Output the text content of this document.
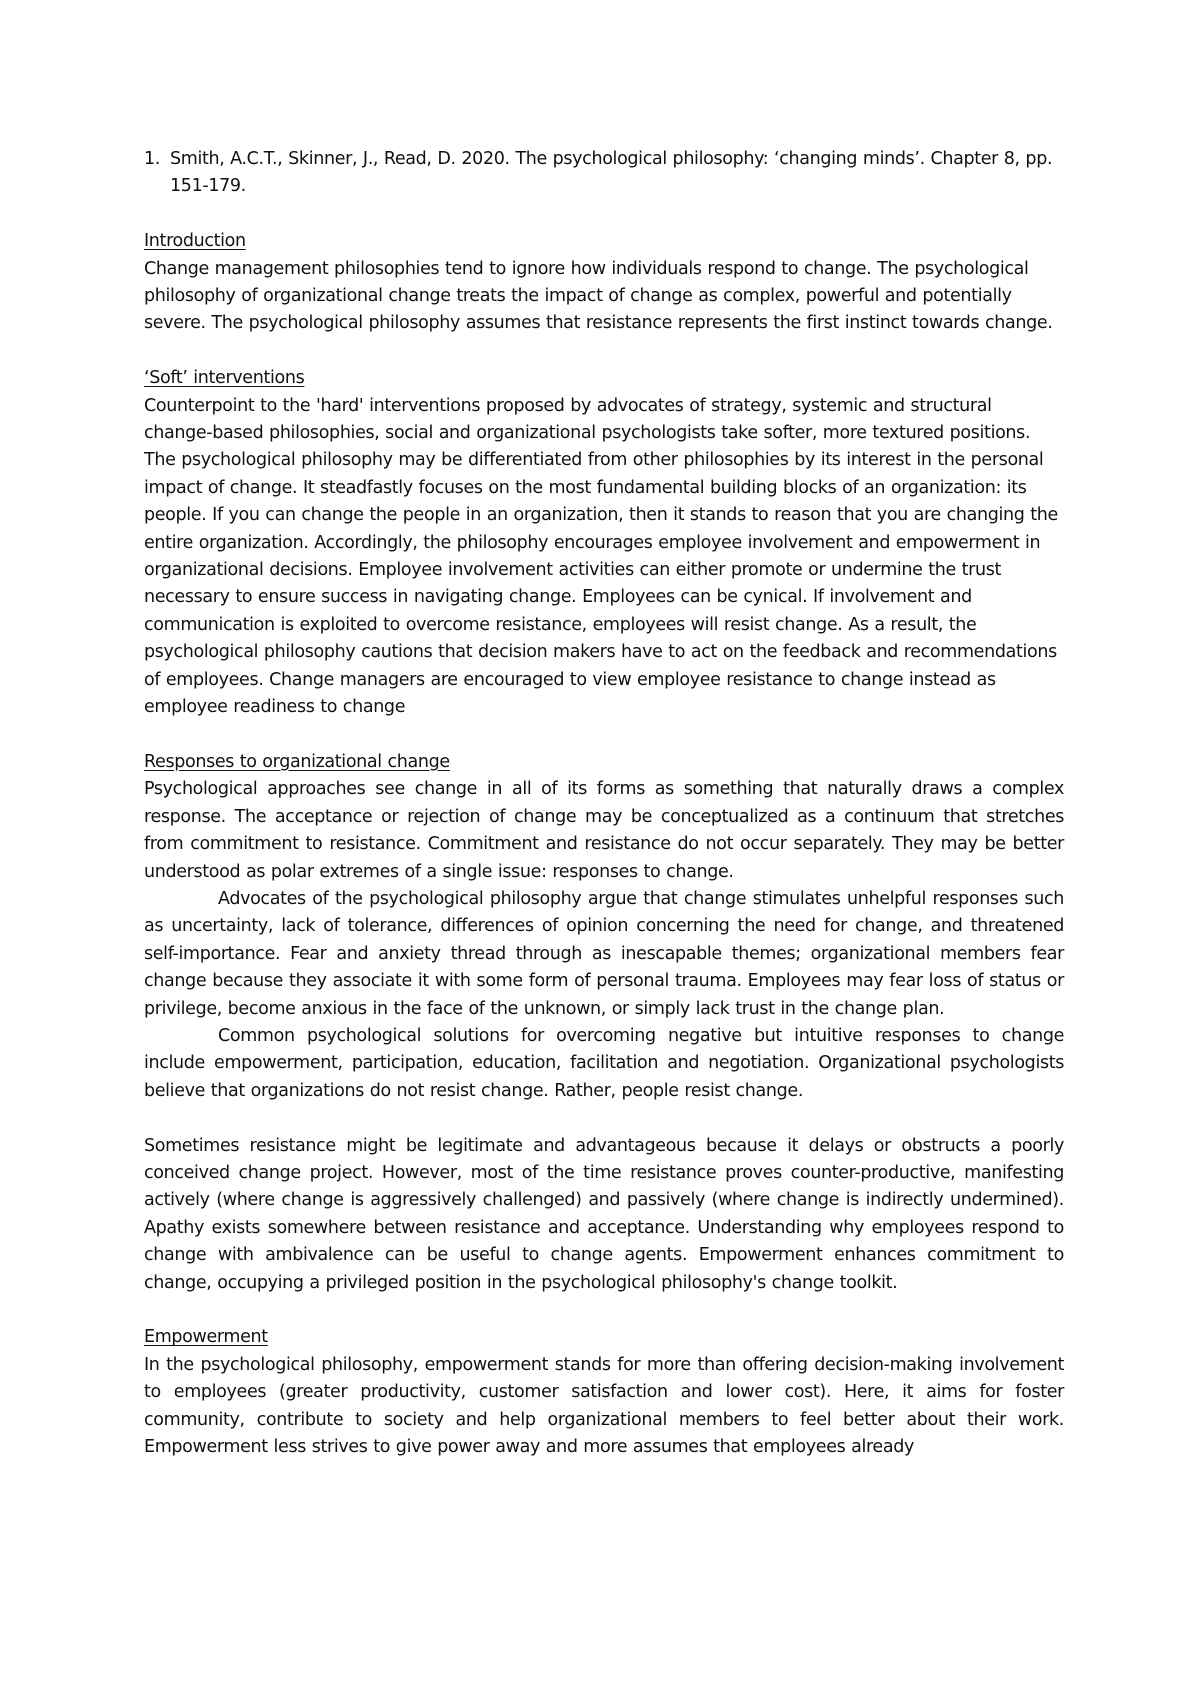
1. Smith, A.C.T., Skinner, J., Read, D. 2020. The psychological philosophy: ‘changing minds’. Chapter 8, pp. 151-179.
Introduction

Change management philosophies tend to ignore how individuals respond to change. The psychological philosophy of organizational change treats the impact of change as complex, powerful and potentially severe. The psychological philosophy assumes that resistance represents the first instinct towards change.

‘Soft’ interventions

Counterpoint to the 'hard' interventions proposed by advocates of strategy, systemic and structural change-based philosophies, social and organizational psychologists take softer, more textured positions. The psychological philosophy may be differentiated from other philosophies by its interest in the personal impact of change. It steadfastly focuses on the most fundamental building blocks of an organization: its people. If you can change the people in an organization, then it stands to reason that you are changing the entire organization. Accordingly, the philosophy encourages employee involvement and empowerment in organizational decisions. Employee involvement activities can either promote or undermine the trust necessary to ensure success in navigating change. Employees can be cynical. If involvement and communication is exploited to overcome resistance, employees will resist change. As a result, the psychological philosophy cautions that decision makers have to act on the feedback and recommendations of employees. Change managers are encouraged to view employee resistance to change instead as employee readiness to change

Responses to organizational change

Psychological approaches see change in all of its forms as something that naturally draws a complex response. The acceptance or rejection of change may be conceptualized as a continuum that stretches from commitment to resistance. Commitment and resistance do not occur separately. They may be better understood as polar extremes of a single issue: responses to change.

Advocates of the psychological philosophy argue that change stimulates unhelpful responses such as uncertainty, lack of tolerance, differences of opinion concerning the need for change, and threatened self-importance. Fear and anxiety thread through as inescapable themes; organizational members fear change because they associate it with some form of personal trauma. Employees may fear loss of status or privilege, become anxious in the face of the unknown, or simply lack trust in the change plan.

Common psychological solutions for overcoming negative but intuitive responses to change include empowerment, participation, education, facilitation and negotiation. Organizational psychologists believe that organizations do not resist change. Rather, people resist change.

Sometimes resistance might be legitimate and advantageous because it delays or obstructs a poorly conceived change project. However, most of the time resistance proves counter-productive, manifesting actively (where change is aggressively challenged) and passively (where change is indirectly undermined). Apathy exists somewhere between resistance and acceptance. Understanding why employees respond to change with ambivalence can be useful to change agents. Empowerment enhances commitment to change, occupying a privileged position in the psychological philosophy's change toolkit.

Empowerment

In the psychological philosophy, empowerment stands for more than offering decision-making involvement to employees (greater productivity, customer satisfaction and lower cost). Here, it aims for foster community, contribute to society and help organizational members to feel better about their work. Empowerment less strives to give power away and more assumes that employees already
